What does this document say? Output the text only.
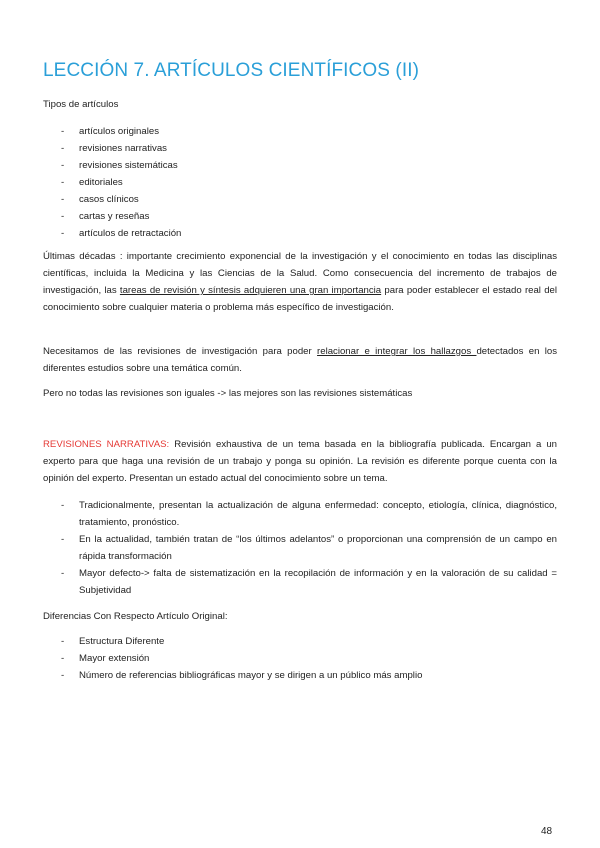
LECCIÓN 7. ARTÍCULOS CIENTÍFICOS (II)
Tipos de artículos
- artículos originales
- revisiones narrativas
- revisiones sistemáticas
- editoriales
- casos clínicos
- cartas y reseñas
- artículos de retractación
Últimas décadas : importante crecimiento exponencial de la investigación y el conocimiento en todas las disciplinas científicas, incluida la Medicina y las Ciencias de la Salud. Como consecuencia del incremento de trabajos de investigación, las tareas de revisión y síntesis adquieren una gran importancia para poder establecer el estado real del conocimiento sobre cualquier materia o problema más específico de investigación.
Necesitamos de las revisiones de investigación para poder relacionar e integrar los hallazgos detectados en los diferentes estudios sobre una temática común.
Pero no todas las revisiones son iguales -> las mejores son las revisiones sistemáticas
REVISIONES NARRATIVAS: Revisión exhaustiva de un tema basada en la bibliografía publicada. Encargan a un experto para que haga una revisión de un trabajo y ponga su opinión. La revisión es diferente porque cuenta con la opinión del experto. Presentan un estado actual del conocimiento sobre un tema.
- Tradicionalmente, presentan la actualización de alguna enfermedad: concepto, etiología, clínica, diagnóstico, tratamiento, pronóstico.
- En la actualidad, también tratan de “los últimos adelantos” o proporcionan una comprensión de un campo en rápida transformación
- Mayor defecto-> falta de sistematización en la recopilación de información y en la valoración de su calidad = Subjetividad
Diferencias Con Respecto Artículo Original:
- Estructura Diferente
- Mayor extensión
- Número de referencias bibliográficas mayor y se dirigen a un público más amplio
48
